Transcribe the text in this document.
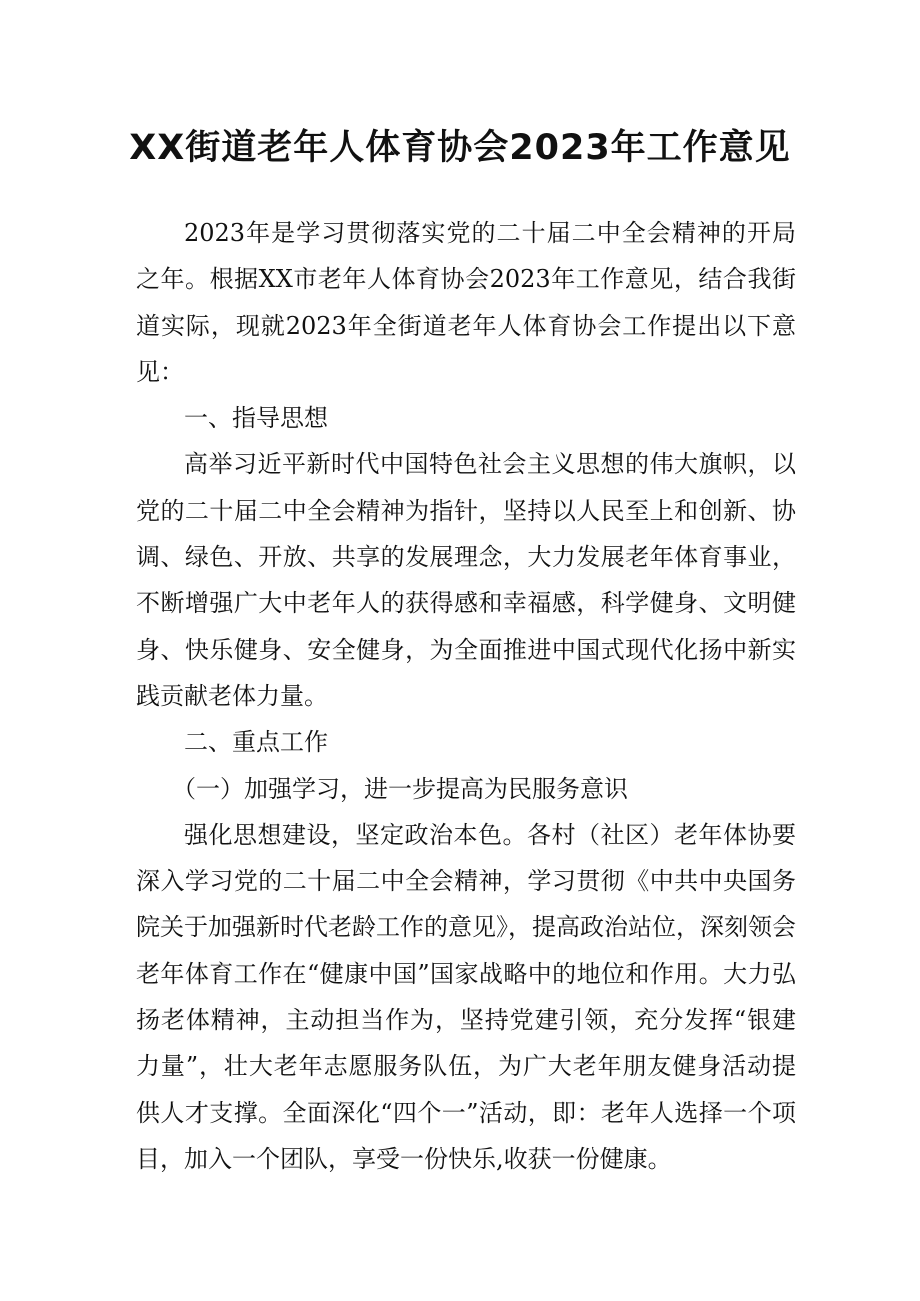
XX街道老年人体育协会2023年工作意见

2023年是学习贯彻落实党的二十届二中全会精神的开局之年。根据XX市老年人体育协会2023年工作意见，结合我街道实际，现就2023年全街道老年人体育协会工作提出以下意见：

一、指导思想

高举习近平新时代中国特色社会主义思想的伟大旗帜，以党的二十届二中全会精神为指针，坚持以人民至上和创新、协调、绿色、开放、共享的发展理念，大力发展老年体育事业，不断增强广大中老年人的获得感和幸福感，科学健身、文明健身、快乐健身、安全健身，为全面推进中国式现代化扬中新实践贡献老体力量。

二、重点工作

（一）加强学习，进一步提高为民服务意识

强化思想建设，坚定政治本色。各村（社区）老年体协要深入学习党的二十届二中全会精神，学习贯彻《中共中央国务院关于加强新时代老龄工作的意见》，提高政治站位，深刻领会老年体育工作在“健康中国”国家战略中的地位和作用。大力弘扬老体精神，主动担当作为，坚持党建引领，充分发挥“银建力量”，壮大老年志愿服务队伍，为广大老年朋友健身活动提供人才支撑。全面深化“四个一”活动，即：老年人选择一个项目，加入一个团队，享受一份快乐,收获一份健康。
